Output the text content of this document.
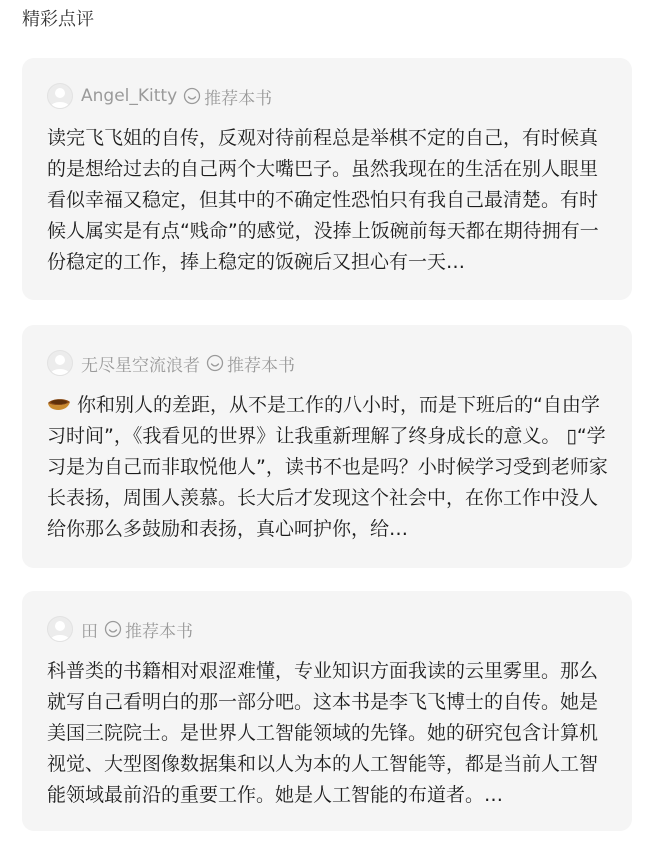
精彩点评
Angel_Kitty 推荐本书
读完飞飞姐的自传，反观对待前程总是举棋不定的自己，有时候真的是想给过去的自己两个大嘴巴子。虽然我现在的生活在别人眼里看似幸福又稳定，但其中的不确定性恐怕只有我自己最清楚。有时候人属实是有点“贱命”的感觉，没捧上饭碗前每天都在期待拥有一份稳定的工作，捧上稳定的饭碗后又担心有一天…
无尽星空流浪者 推荐本书
你和别人的差距，从不是工作的八小时，而是下班后的“自由学习时间”，《我看见的世界》让我重新理解了终身成长的意义。 ▯“学习是为自己而非取悦他人”，读书不也是吗？小时候学习受到老师家长表扬，周围人羡慕。长大后才发现这个社会中，在你工作中没人给你那么多鼓励和表扬，真心呵护你，给…
田 推荐本书
科普类的书籍相对艰涩难懂，专业知识方面我读的云里雾里。那么就写自己看明白的那一部分吧。这本书是李飞飞博士的自传。她是美国三院院士。是世界人工智能领域的先锋。她的研究包含计算机视觉、大型图像数据集和以人为本的人工智能等，都是当前人工智能领域最前沿的重要工作。她是人工智能的布道者。…
